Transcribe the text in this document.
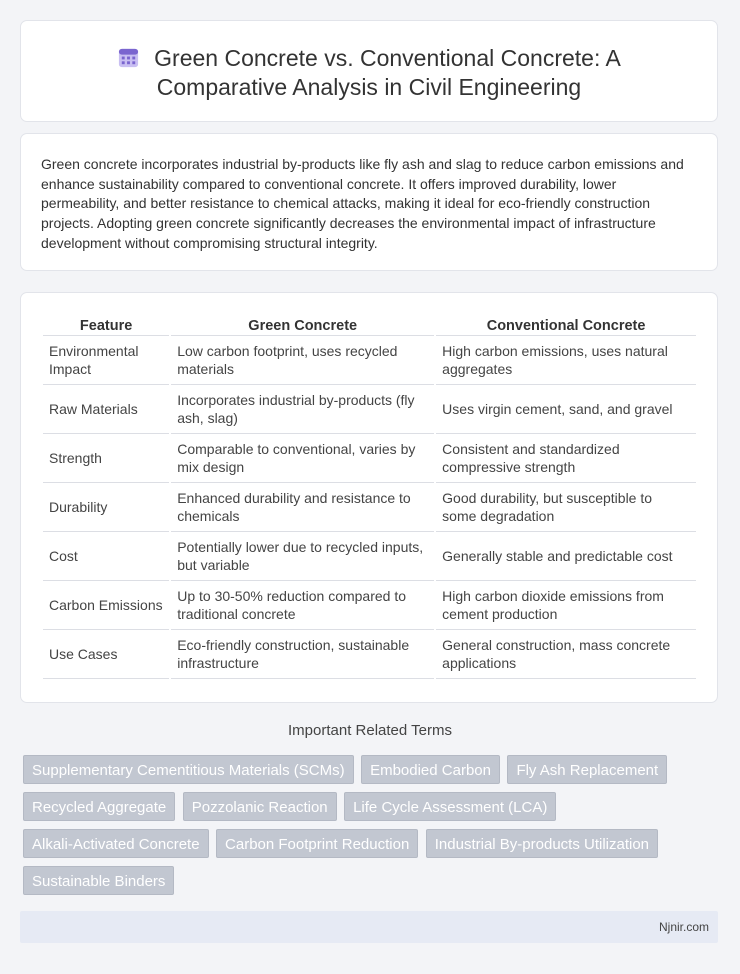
Green Concrete vs. Conventional Concrete: A Comparative Analysis in Civil Engineering
Green concrete incorporates industrial by-products like fly ash and slag to reduce carbon emissions and enhance sustainability compared to conventional concrete. It offers improved durability, lower permeability, and better resistance to chemical attacks, making it ideal for eco-friendly construction projects. Adopting green concrete significantly decreases the environmental impact of infrastructure development without compromising structural integrity.
Feature	Green Concrete	Conventional Concrete
Environmental Impact	Low carbon footprint, uses recycled materials	High carbon emissions, uses natural aggregates
Raw Materials	Incorporates industrial by-products (fly ash, slag)	Uses virgin cement, sand, and gravel
Strength	Comparable to conventional, varies by mix design	Consistent and standardized compressive strength
Durability	Enhanced durability and resistance to chemicals	Good durability, but susceptible to some degradation
Cost	Potentially lower due to recycled inputs, but variable	Generally stable and predictable cost
Carbon Emissions	Up to 30-50% reduction compared to traditional concrete	High carbon dioxide emissions from cement production
Use Cases	Eco-friendly construction, sustainable infrastructure	General construction, mass concrete applications
Important Related Terms
Supplementary Cementitious Materials (SCMs) Embodied Carbon Fly Ash Replacement Recycled Aggregate Pozzolanic Reaction Life Cycle Assessment (LCA) Alkali-Activated Concrete Carbon Footprint Reduction Industrial By-products Utilization Sustainable Binders
Njnir.com
